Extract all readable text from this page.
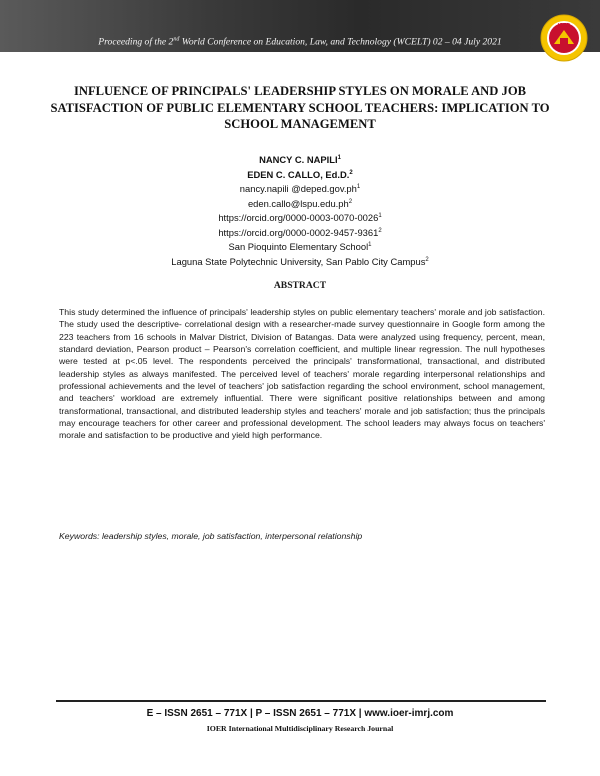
Proceeding of the 2nd World Conference on Education, Law, and Technology (WCELT) 02 – 04 July 2021
IOER
INFLUENCE OF PRINCIPALS' LEADERSHIP STYLES ON MORALE AND JOB SATISFACTION OF PUBLIC ELEMENTARY SCHOOL TEACHERS: IMPLICATION TO SCHOOL MANAGEMENT
NANCY C. NAPILI$^1$
EDEN C. CALLO, Ed.D.$^2$
nancy.napili $@deped.gov.ph^1$
$eden.callo@lspu.edu.ph^2$
https://orcid.org/0000-0003-0070-0026$^1$
https://orcid.org/0000-0002-9457-9361$^2$
San Pioquinto Elementary School$^1$
Laguna State Polytechnic University, San Pablo City Campus$^2$
ABSTRACT
This study determined the influence of principals' leadership styles on public elementary teachers' morale and job satisfaction. The study used the descriptive- correlational design with a researcher-made survey questionnaire in Google form among the 223 teachers from 16 schools in Malvar District, Division of Batangas. Data were analyzed using frequency, percent, mean, standard deviation, Pearson product – Pearson's correlation coefficient, and multiple linear regression. The null hypotheses were tested at p<.05 level. The respondents perceived the principals' transformational, transactional, and distributed leadership styles as always manifested. The perceived level of teachers' morale regarding interpersonal relationships and professional achievements and the level of teachers' job satisfaction regarding the school environment, school management, and teachers' workload are extremely influential. There were significant positive relationships between and among transformational, transactional, and distributed leadership styles and teachers' morale and job satisfaction; thus the principals may encourage teachers for other career and professional development. The school leaders may always focus on teachers' morale and satisfaction to be productive and yield high performance.
Keywords: leadership styles, morale, job satisfaction, interpersonal relationship
E – ISSN 2651 – 771X | P – ISSN 2651 – 771X | www.ioer-imrj.com
IOER International Multidisciplinary Research Journal
